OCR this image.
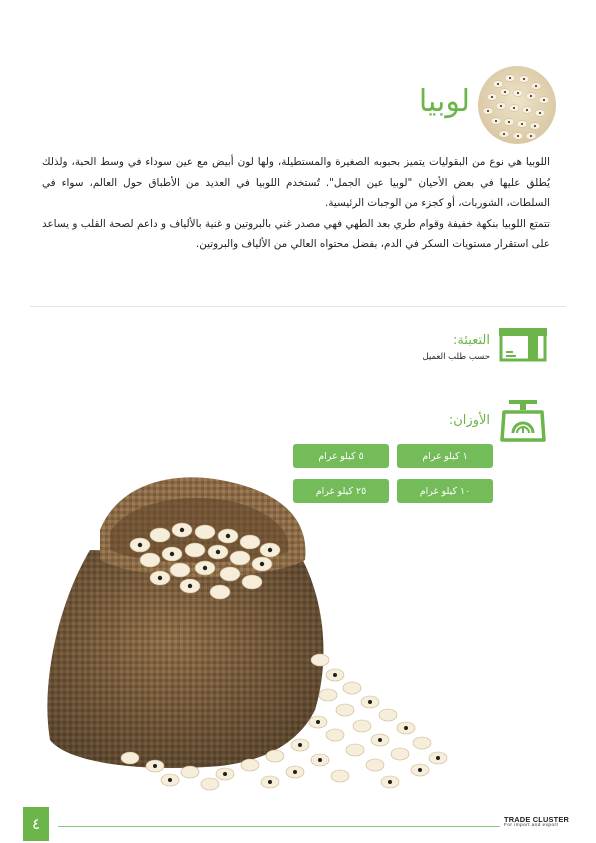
لوبيا

اللوبيا هي نوع من البقوليات يتميز بحبوبه الصغيرة والمستطيلة، ولها لون أبيض مع عين سوداء في وسط الحبة، ولذلك يُطلق عليها في بعض الأحيان "لوبيا عين الجمل". تُستخدم اللوبيا في العديد من الأطباق حول العالم، سواء في السلطات، الشوربات، أو كجزء من الوجبات الرئيسية.

تتمتع اللوبيا بنكهة خفيفة وقوام طري بعد الطهي فهي مصدر غني بالبروتين و غنية بالألياف و داعم لصحة القلب و يساعد على استقرار مستويات السكر في الدم، بفضل محتواه العالي من الألياف والبروتين.

التعبئة:
حسب طلب العميل
الأوزان:
١ كيلو غرام
٥ كيلو غرام
١٠ كيلو غرام
٢٥ كيلو غرام
٤	TRADE CLUSTER
For import and export
